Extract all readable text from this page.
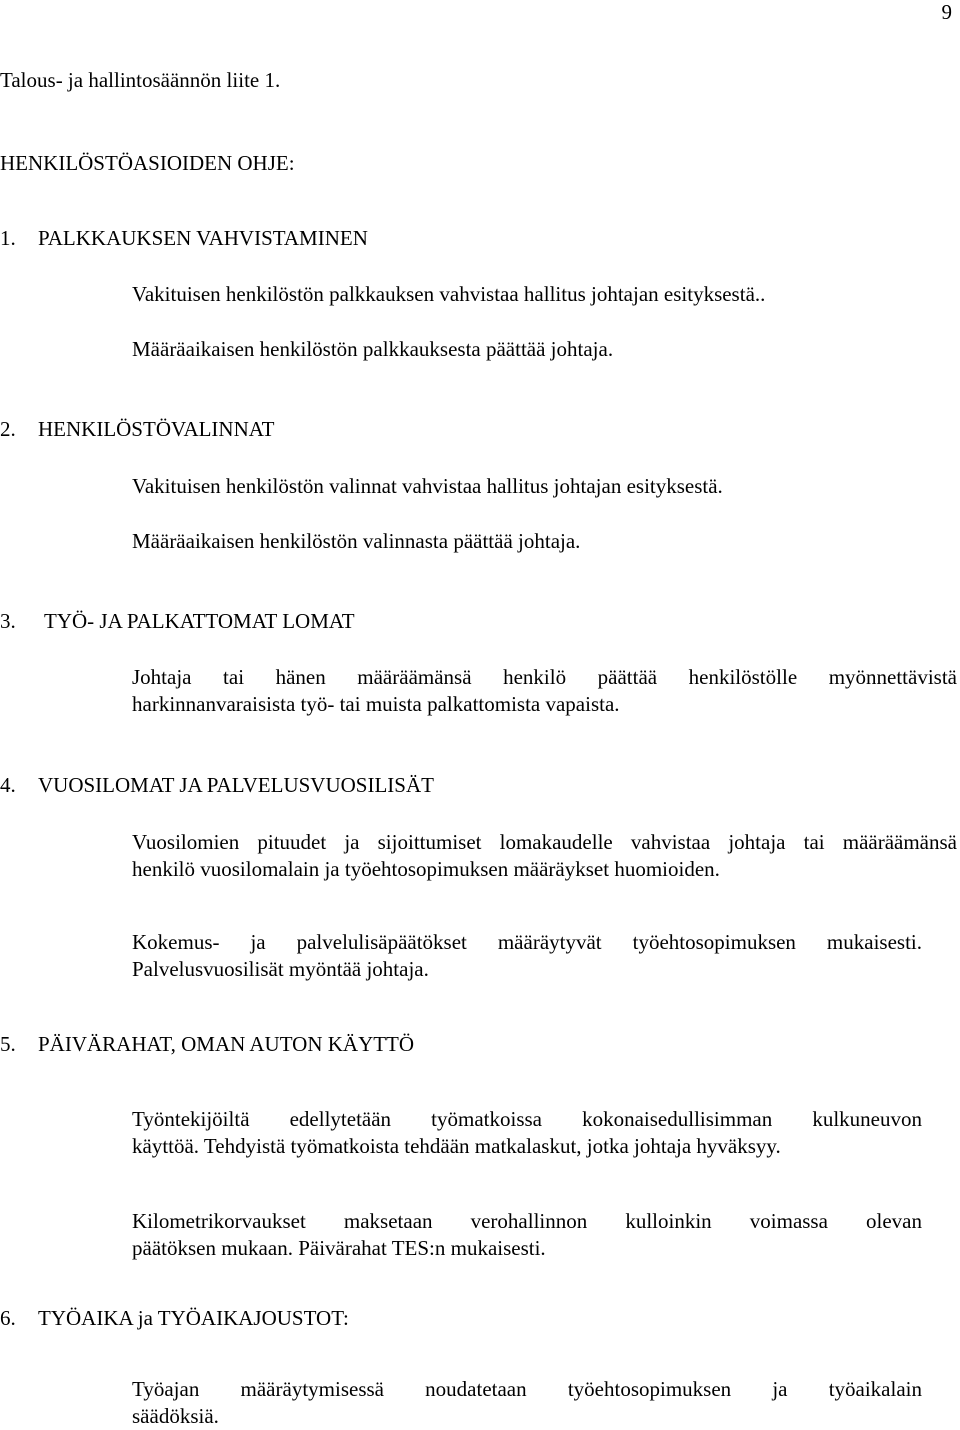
9
Talous- ja hallintosäännön liite 1.
HENKILÖSTÖASIOIDEN OHJE:
1. PALKKAUKSEN VAHVISTAMINEN
Vakituisen henkilöstön palkkauksen vahvistaa hallitus johtajan esityksestä..
Määräaikaisen henkilöstön palkkauksesta päättää johtaja.
2. HENKILÖSTÖVALINNAT
Vakituisen henkilöstön valinnat vahvistaa hallitus johtajan esityksestä.
Määräaikaisen henkilöstön valinnasta päättää johtaja.
3. TYÖ- JA PALKATTOMAT LOMAT
Johtaja tai hänen määräämänsä henkilö päättää henkilöstölle myönnettävistä
harkinnanvaraisista työ- tai muista palkattomista vapaista.
4. VUOSILOMAT JA PALVELUSVUOSILISÄT
Vuosilomien pituudet ja sijoittumiset lomakaudelle vahvistaa johtaja tai määräämänsä
henkilö vuosilomalain ja työehtosopimuksen määräykset huomioiden.
Kokemus- ja palvelulisäpäätökset määräytyvät työehtosopimuksen mukaisesti.
Palvelusvuosilisät myöntää johtaja.
5. PÄIVÄRAHAT, OMAN AUTON KÄYTTÖ
Työntekijöiltä edellytetään työmatkoissa kokonaisedullisimman kulkuneuvon
käyttöä. Tehdyistä työmatkoista tehdään matkalaskut, jotka johtaja hyväksyy.
Kilometrikorvaukset maksetaan verohallinnon kulloinkin voimassa olevan
päätöksen mukaan. Päivärahat TES:n mukaisesti.
6. TYÖAIKA ja TYÖAIKAJOUSTOT:
Työajan määräytymisessä noudatetaan työehtosopimuksen ja työaikalain
säädöksiä.
